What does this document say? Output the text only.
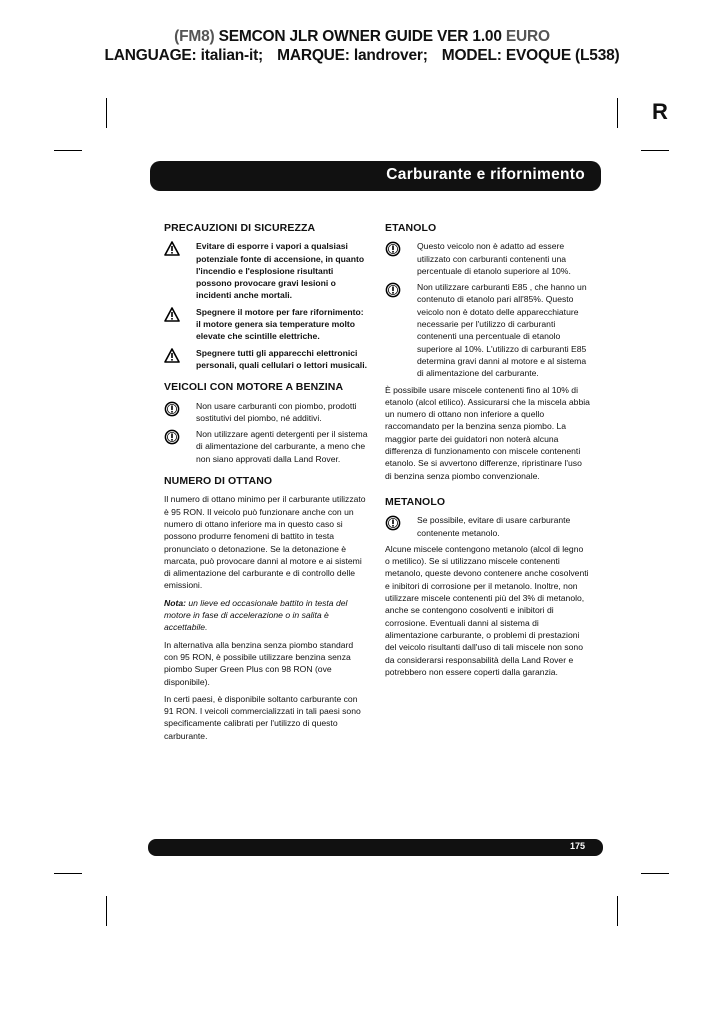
(FM8) SEMCON JLR OWNER GUIDE VER 1.00 EURO
LANGUAGE: italian-it; MARQUE: landrover; MODEL: EVOQUE (L538)
R
Carburante e rifornimento
PRECAUZIONI DI SICUREZZA
Evitare di esporre i vapori a qualsiasi potenziale fonte di accensione, in quanto l'incendio e l'esplosione risultanti possono provocare gravi lesioni o incidenti anche mortali.
Spegnere il motore per fare rifornimento: il motore genera sia temperature molto elevate che scintille elettriche.
Spegnere tutti gli apparecchi elettronici personali, quali cellulari o lettori musicali.
VEICOLI CON MOTORE A BENZINA
Non usare carburanti con piombo, prodotti sostitutivi del piombo, né additivi.
Non utilizzare agenti detergenti per il sistema di alimentazione del carburante, a meno che non siano approvati dalla Land Rover.
NUMERO DI OTTANO

Il numero di ottano minimo per il carburante utilizzato è 95 RON. Il veicolo può funzionare anche con un numero di ottano inferiore ma in questo caso si possono produrre fenomeni di battito in testa pronunciato o detonazione. Se la detonazione è marcata, può provocare danni al motore e ai sistemi di alimentazione del carburante e di controllo delle emissioni.

Nota: un lieve ed occasionale battito in testa del motore in fase di accelerazione o in salita è accettabile.

In alternativa alla benzina senza piombo standard con 95 RON, è possibile utilizzare benzina senza piombo Super Green Plus con 98 RON (ove disponibile).

In certi paesi, è disponibile soltanto carburante con 91 RON. I veicoli commercializzati in tali paesi sono specificamente calibrati per l'utilizzo di questo carburante.

ETANOLO
Questo veicolo non è adatto ad essere utilizzato con carburanti contenenti una percentuale di etanolo superiore al 10%.
Non utilizzare carburanti E85 , che hanno un contenuto di etanolo pari all'85%. Questo veicolo non è dotato delle apparecchiature necessarie per l'utilizzo di carburanti contenenti una percentuale di etanolo superiore al 10%. L'utilizzo di carburanti E85 determina gravi danni al motore e al sistema di alimentazione del carburante.

È possibile usare miscele contenenti fino al 10% di etanolo (alcol etilico). Assicurarsi che la miscela abbia un numero di ottano non inferiore a quello raccomandato per la benzina senza piombo. La maggior parte dei guidatori non noterà alcuna differenza di funzionamento con miscele contenenti etanolo. Se si avvertono differenze, ripristinare l'uso di benzina senza piombo convenzionale.

METANOLO
Se possibile, evitare di usare carburante contenente metanolo.

Alcune miscele contengono metanolo (alcol di legno o metilico). Se si utilizzano miscele contenenti metanolo, queste devono contenere anche cosolventi e inibitori di corrosione per il metanolo. Inoltre, non utilizzare miscele contenenti più del 3% di metanolo, anche se contengono cosolventi e inibitori di corrosione. Eventuali danni al sistema di alimentazione carburante, o problemi di prestazioni del veicolo risultanti dall'uso di tali miscele non sono da considerarsi responsabilità della Land Rover e potrebbero non essere coperti dalla garanzia.

175
